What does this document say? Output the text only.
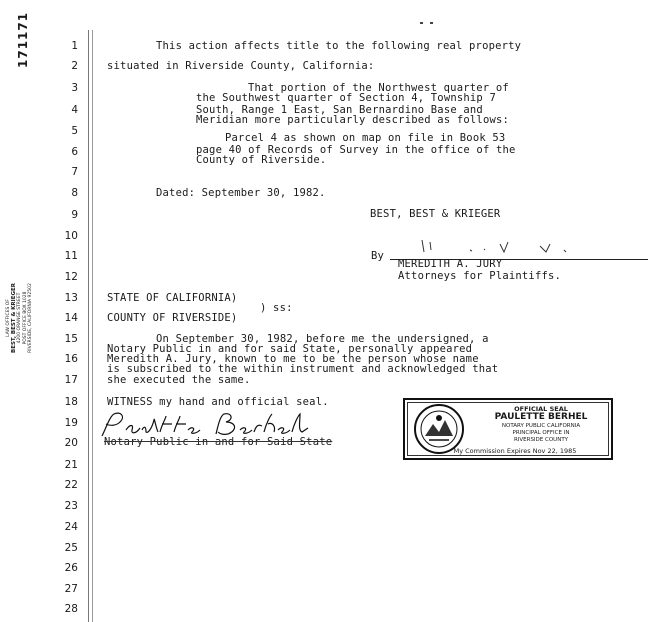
171171
LAW OFFICES OF BEST, BEST & KRIEGER 4200 ORANGE STREET POST OFFICE BOX 1028 RIVERSIDE, CALIFORNIA 92502
1
2
3
4
5
6
7
8
9
10
11
12
13
14
15
16
17
18
19
20
21
22
23
24
25
26
27
28
This action affects title to the following real property
situated in Riverside County, California:
That portion of the Northwest quarter of
the Southwest quarter of Section 4, Township 7
South, Range 1 East, San Bernardino Base and
Meridian more particularly described as follows:
Parcel 4 as shown on map on file in Book 53
page 40 of Records of Survey in the office of the
County of Riverside.
Dated: September 30, 1982.
BEST, BEST & KRIEGER
By
MEREDITH A. JURY
Attorneys for Plaintiffs.
STATE OF CALIFORNIA)
) ss:
COUNTY OF RIVERSIDE)
On September 30, 1982, before me the undersigned, a
Notary Public in and for said State, personally appeared
Meredith A. Jury, known to me to be the person whose name
is subscribed to the within instrument and acknowledged that
she executed the same.
WITNESS my hand and official seal.
Notary Public in and for Said State
OFFICIAL SEAL
PAULETTE BERHEL
NOTARY PUBLIC CALIFORNIA
PRINCIPAL OFFICE IN
RIVERSIDE COUNTY
My Commission Expires Nov 22, 1985
